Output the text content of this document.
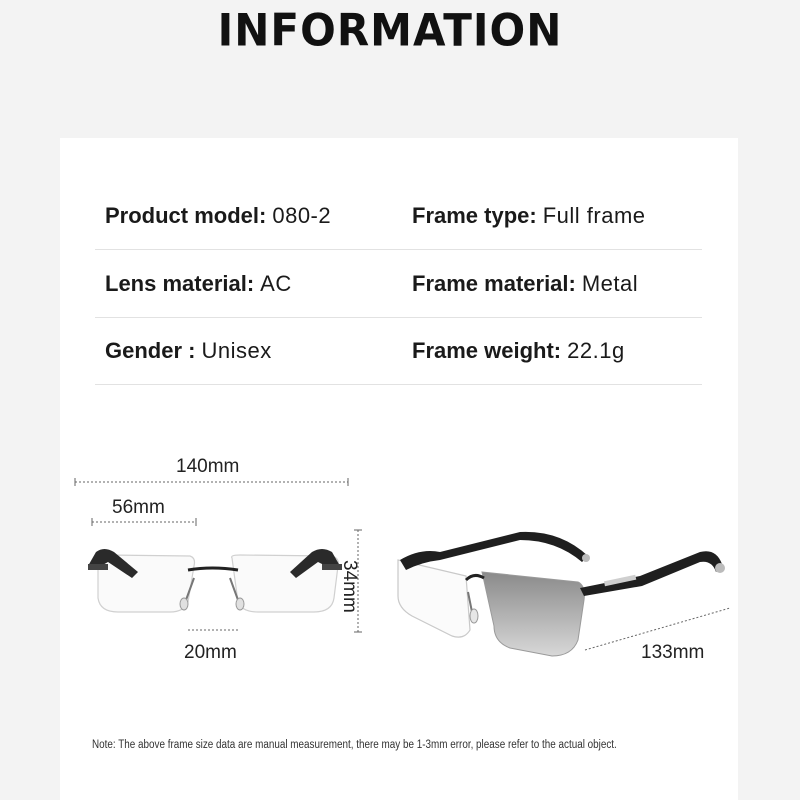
INFORMATION
Product model: 080-2	Frame type: Full frame
Lens material: AC	Frame material: Metal
Gender : Unisex	Frame weight: 22.1g
140mm
56mm
34mm
20mm	133mm
Note: The above frame size data are manual measurement, there may be 1-3mm error, please refer to the actual object.
